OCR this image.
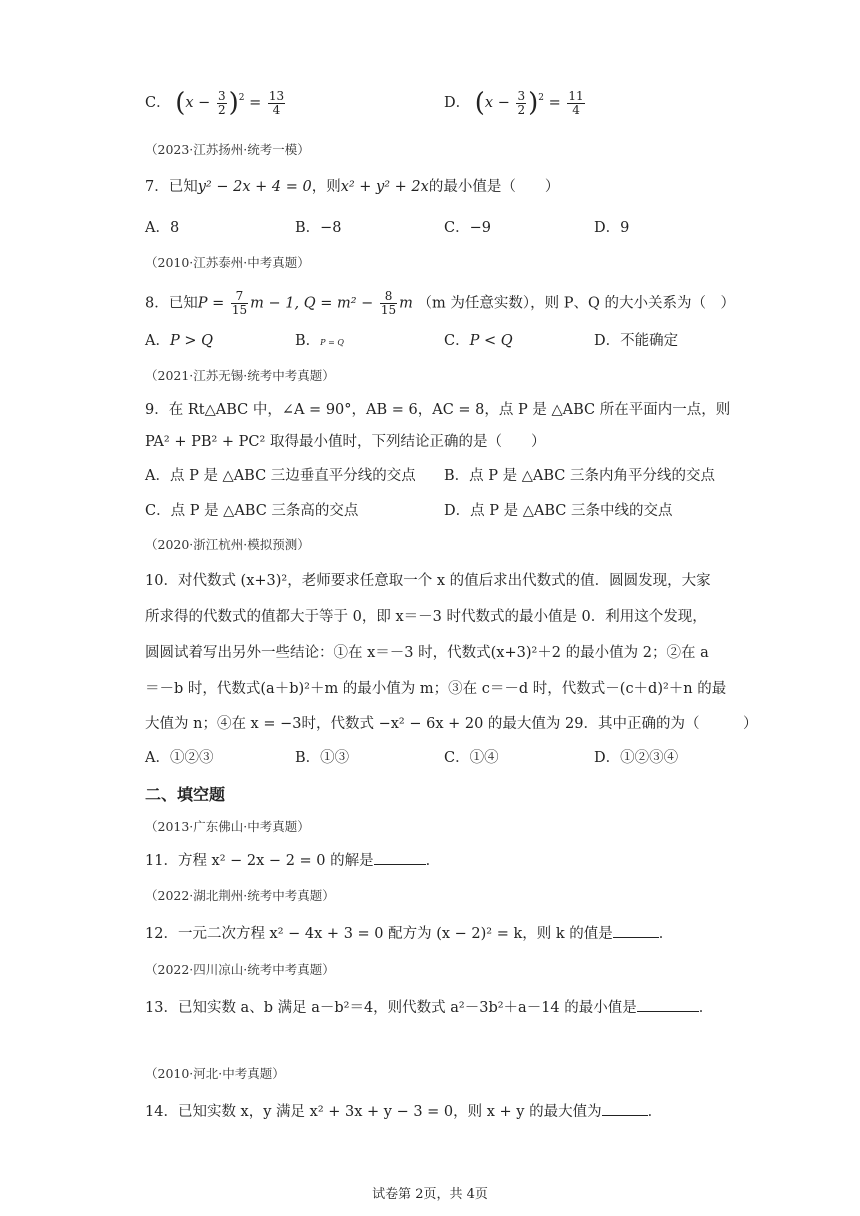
C． $(x - \frac{3}{2} )^2 = \frac{13}{4}$	D． $(x - \frac{3}{2} )^2 = \frac{11}{4}$
（2023·江苏扬州·统考一模）
7．已知y² − 2x + 4 = 0，则x² + y² + 2x的最小值是（　　）
A．8	B．−8	C．−9	D．9
（2010·江苏泰州·中考真题）
8．已知$P = \frac{7}{15}$ m − 1, $Q = m^2 - \frac{8}{15}$ m （m 为任意实数），则 P、Q 的大小关系为（　）
A．P > Q	B．P = Q	C．P < Q	D．不能确定
（2021·江苏无锡·统考中考真题）
9．在 Rt△ABC 中，∠A = 90°，AB = 6，AC = 8，点 P 是 △ABC 所在平面内一点，则
PA² + PB² + PC² 取得最小值时，下列结论正确的是（　　）
A．点 P 是 △ABC 三边垂直平分线的交点 B．点 P 是 △ABC 三条内角平分线的交点
C．点 P 是 △ABC 三条高的交点	D．点 P 是 △ABC 三条中线的交点
（2020·浙江杭州·模拟预测）
10．对代数式 (x+3)²，老师要求任意取一个 x 的值后求出代数式的值．圆圆发现，大家
所求得的代数式的值都大于等于 0，即 x＝－3 时代数式的最小值是 0．利用这个发现，
圆圆试着写出另外一些结论：①在 x＝－3 时，代数式(x+3)²＋2 的最小值为 2；②在 a
＝－b 时，代数式(a＋b)²＋m 的最小值为 m；③在 c＝－d 时，代数式－(c＋d)²＋n 的最
大值为 n；④在 x = −3时，代数式 −x² − 6x + 20 的最大值为 29．其中正确的为（　　　）
A．①②③	B．①③	C．①④	D．①②③④
二、填空题
（2013·广东佛山·中考真题）
11．方程 x² − 2x − 2 = 0 的解是	．
（2022·湖北荆州·统考中考真题）
12．一元二次方程 x² − 4x + 3 = 0 配方为 (x − 2)² = k，则 k 的值是	．
（2022·四川凉山·统考中考真题）
13．已知实数 a、b 满足 a－b²＝4，则代数式 a²－3b²＋a－14 的最小值是	．
（2010·河北·中考真题）
14．已知实数 x，y 满足 x² + 3x + y − 3 = 0，则 x + y 的最大值为	．
试卷第 2页，共 4页
